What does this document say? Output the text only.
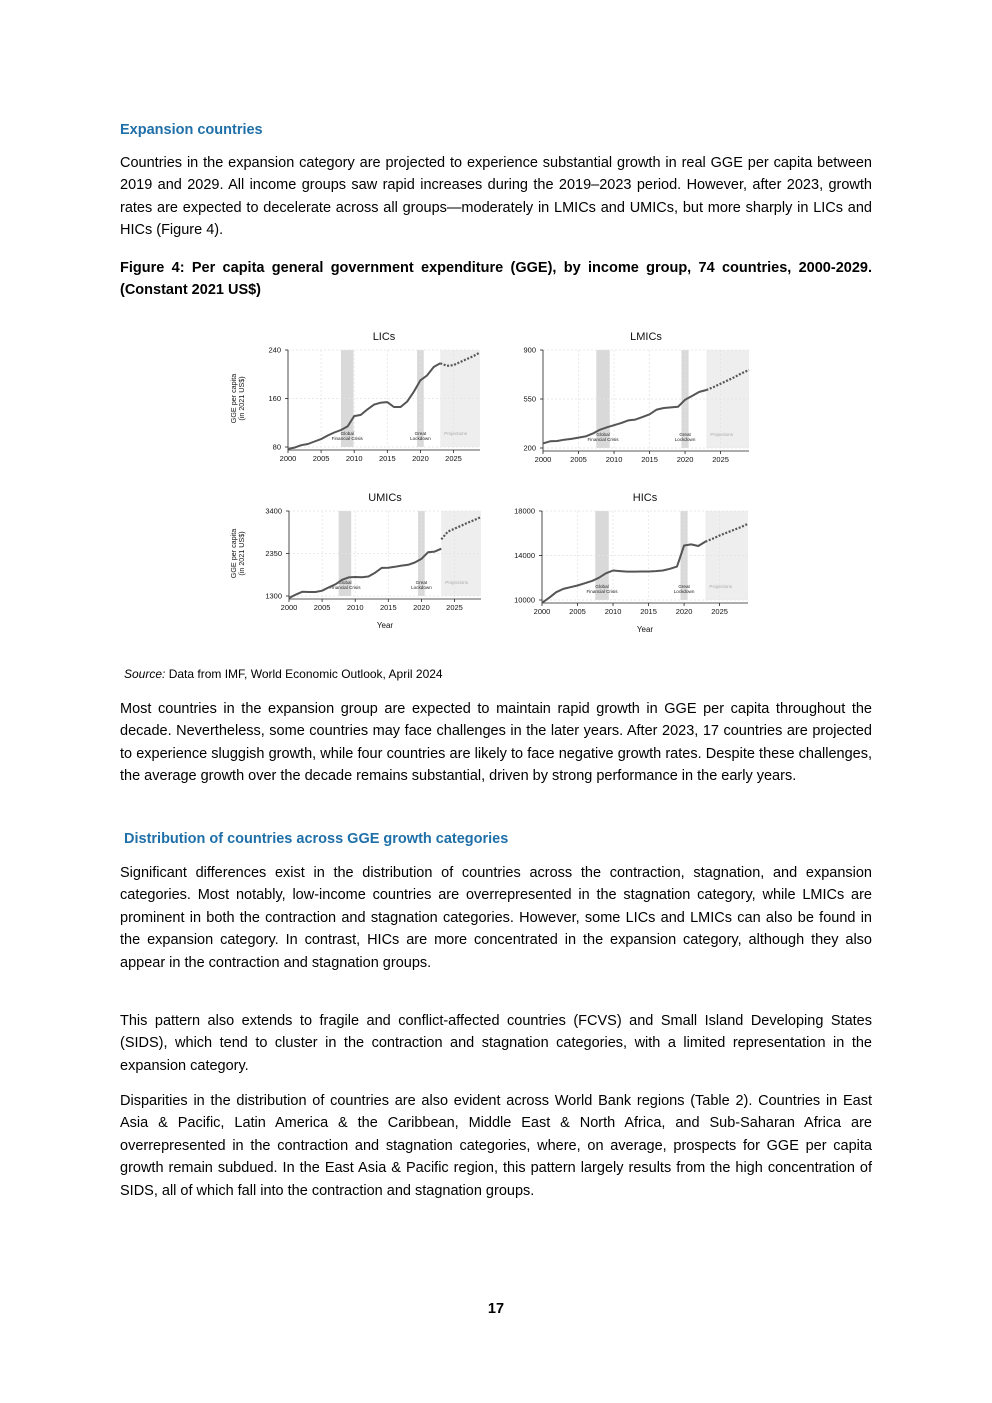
Expansion countries

Countries in the expansion category are projected to experience substantial growth in real GGE per capita between 2019 and 2029. All income groups saw rapid increases during the 2019–2023 period. However, after 2023, growth rates are expected to decelerate across all groups—moderately in LMICs and UMICs, but more sharply in LICs and HICs (Figure 4).

Figure 4: Per capita general government expenditure (GGE), by income group, 74 countries, 2000-2029. (Constant 2021 US$)

Global
Financial Crisis
Great
Lockdown
Projections
2000 2005 2010 2015 2020 2025
80
160
240
LICs
GGE per capita (in 2021 US$)
Global
Financial Crisis
Great
Lockdown
Projections
2000	2005	2010	2015	2020	2025
200
550
900
LMICs
Global
Financial Crisis
Great
Lockdown
Projections
2000 2005 2010 2015 2020 2025
1300
2350
3400
UMICs
GGE per capita (in 2021 US$)
Year
Global
Financial Crisis
Great
Lockdown
Projections
2000	2005	2010	2015	2020	2025
10000
14000
18000
HICs
Year

Source: Data from IMF, World Economic Outlook, April 2024

Most countries in the expansion group are expected to maintain rapid growth in GGE per capita throughout the decade. Nevertheless, some countries may face challenges in the later years. After 2023, 17 countries are projected to experience sluggish growth, while four countries are likely to face negative growth rates. Despite these challenges, the average growth over the decade remains substantial, driven by strong performance in the early years.

Distribution of countries across GGE growth categories

Significant differences exist in the distribution of countries across the contraction, stagnation, and expansion categories. Most notably, low-income countries are overrepresented in the stagnation category, while LMICs are prominent in both the contraction and stagnation categories. However, some LICs and LMICs can also be found in the expansion category. In contrast, HICs are more concentrated in the expansion category, although they also appear in the contraction and stagnation groups.

This pattern also extends to fragile and conflict-affected countries (FCVS) and Small Island Developing States (SIDS), which tend to cluster in the contraction and stagnation categories, with a limited representation in the expansion category.

Disparities in the distribution of countries are also evident across World Bank regions (Table 2). Countries in East Asia & Pacific, Latin America & the Caribbean, Middle East & North Africa, and Sub-Saharan Africa are overrepresented in the contraction and stagnation categories, where, on average, prospects for GGE per capita growth remain subdued. In the East Asia & Pacific region, this pattern largely results from the high concentration of SIDS, all of which fall into the contraction and stagnation groups.

17
